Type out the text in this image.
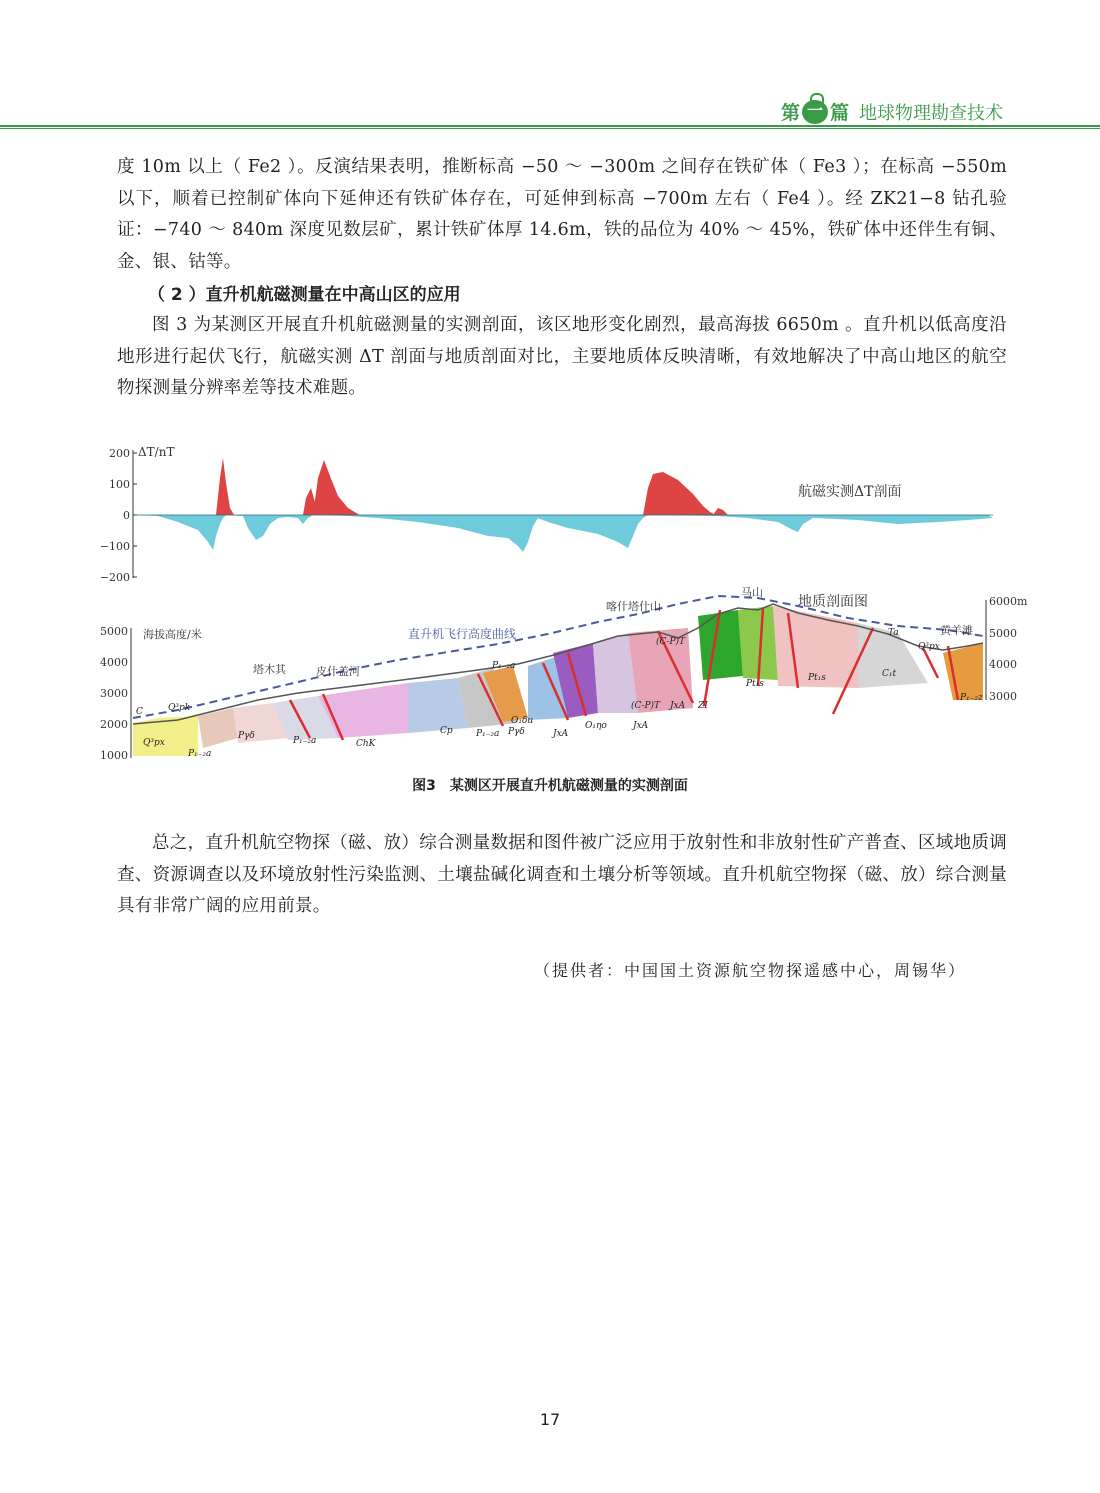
第 一 篇 地球物理勘查技术

度 10m 以上（ Fe2 ）。反演结果表明，推断标高 −50 ～ −300m 之间存在铁矿体（ Fe3 ）；在标高 −550m 以下，顺着已控制矿体向下延伸还有铁矿体存在，可延伸到标高 −700m 左右（ Fe4 ）。经 ZK21−8 钻孔验证：−740 ～ 840m 深度见数层矿，累计铁矿体厚 14.6m，铁的品位为 40% ～ 45%，铁矿体中还伴生有铜、金、银、钴等。

（ 2 ）直升机航磁测量在中高山区的应用

图 3 为某测区开展直升机航磁测量的实测剖面，该区地形变化剧烈，最高海拔 6650m 。直升机以低高度沿地形进行起伏飞行，航磁实测 ΔT 剖面与地质剖面对比，主要地质体反映清晰，有效地解决了中高山地区的航空物探测量分辨率差等技术难题。

200
100
0
−100
−200
ΔT/nT
航磁实测ΔT剖面
地质剖面图
海拔高度/米
5000
4000
3000
2000
1000
6000m
5000
4000
3000
直升机飞行高度曲线
塔木其	皮什盖河
喀什塔什山
马山
黄羊滩
Q³pk
Q³px
P₁₋₂a
Pγδ	P₁₋₂a	ChK
Cp	P₁₋₂a Pγδ	JxA
O₁ηo	JxA
(C-P)T JxA ZI
(C-P)T
Pt₁s
Pt₁s	C₁t
Ta
Q³px
P₁₋₂z
C
P₁₋₂a
O₁δu

图3　某测区开展直升机航磁测量的实测剖面

总之，直升机航空物探（磁、放）综合测量数据和图件被广泛应用于放射性和非放射性矿产普查、区域地质调查、资源调查以及环境放射性污染监测、土壤盐碱化调查和土壤分析等领域。直升机航空物探（磁、放）综合测量具有非常广阔的应用前景。

（提供者：中国国土资源航空物探遥感中心，周锡华）

17
